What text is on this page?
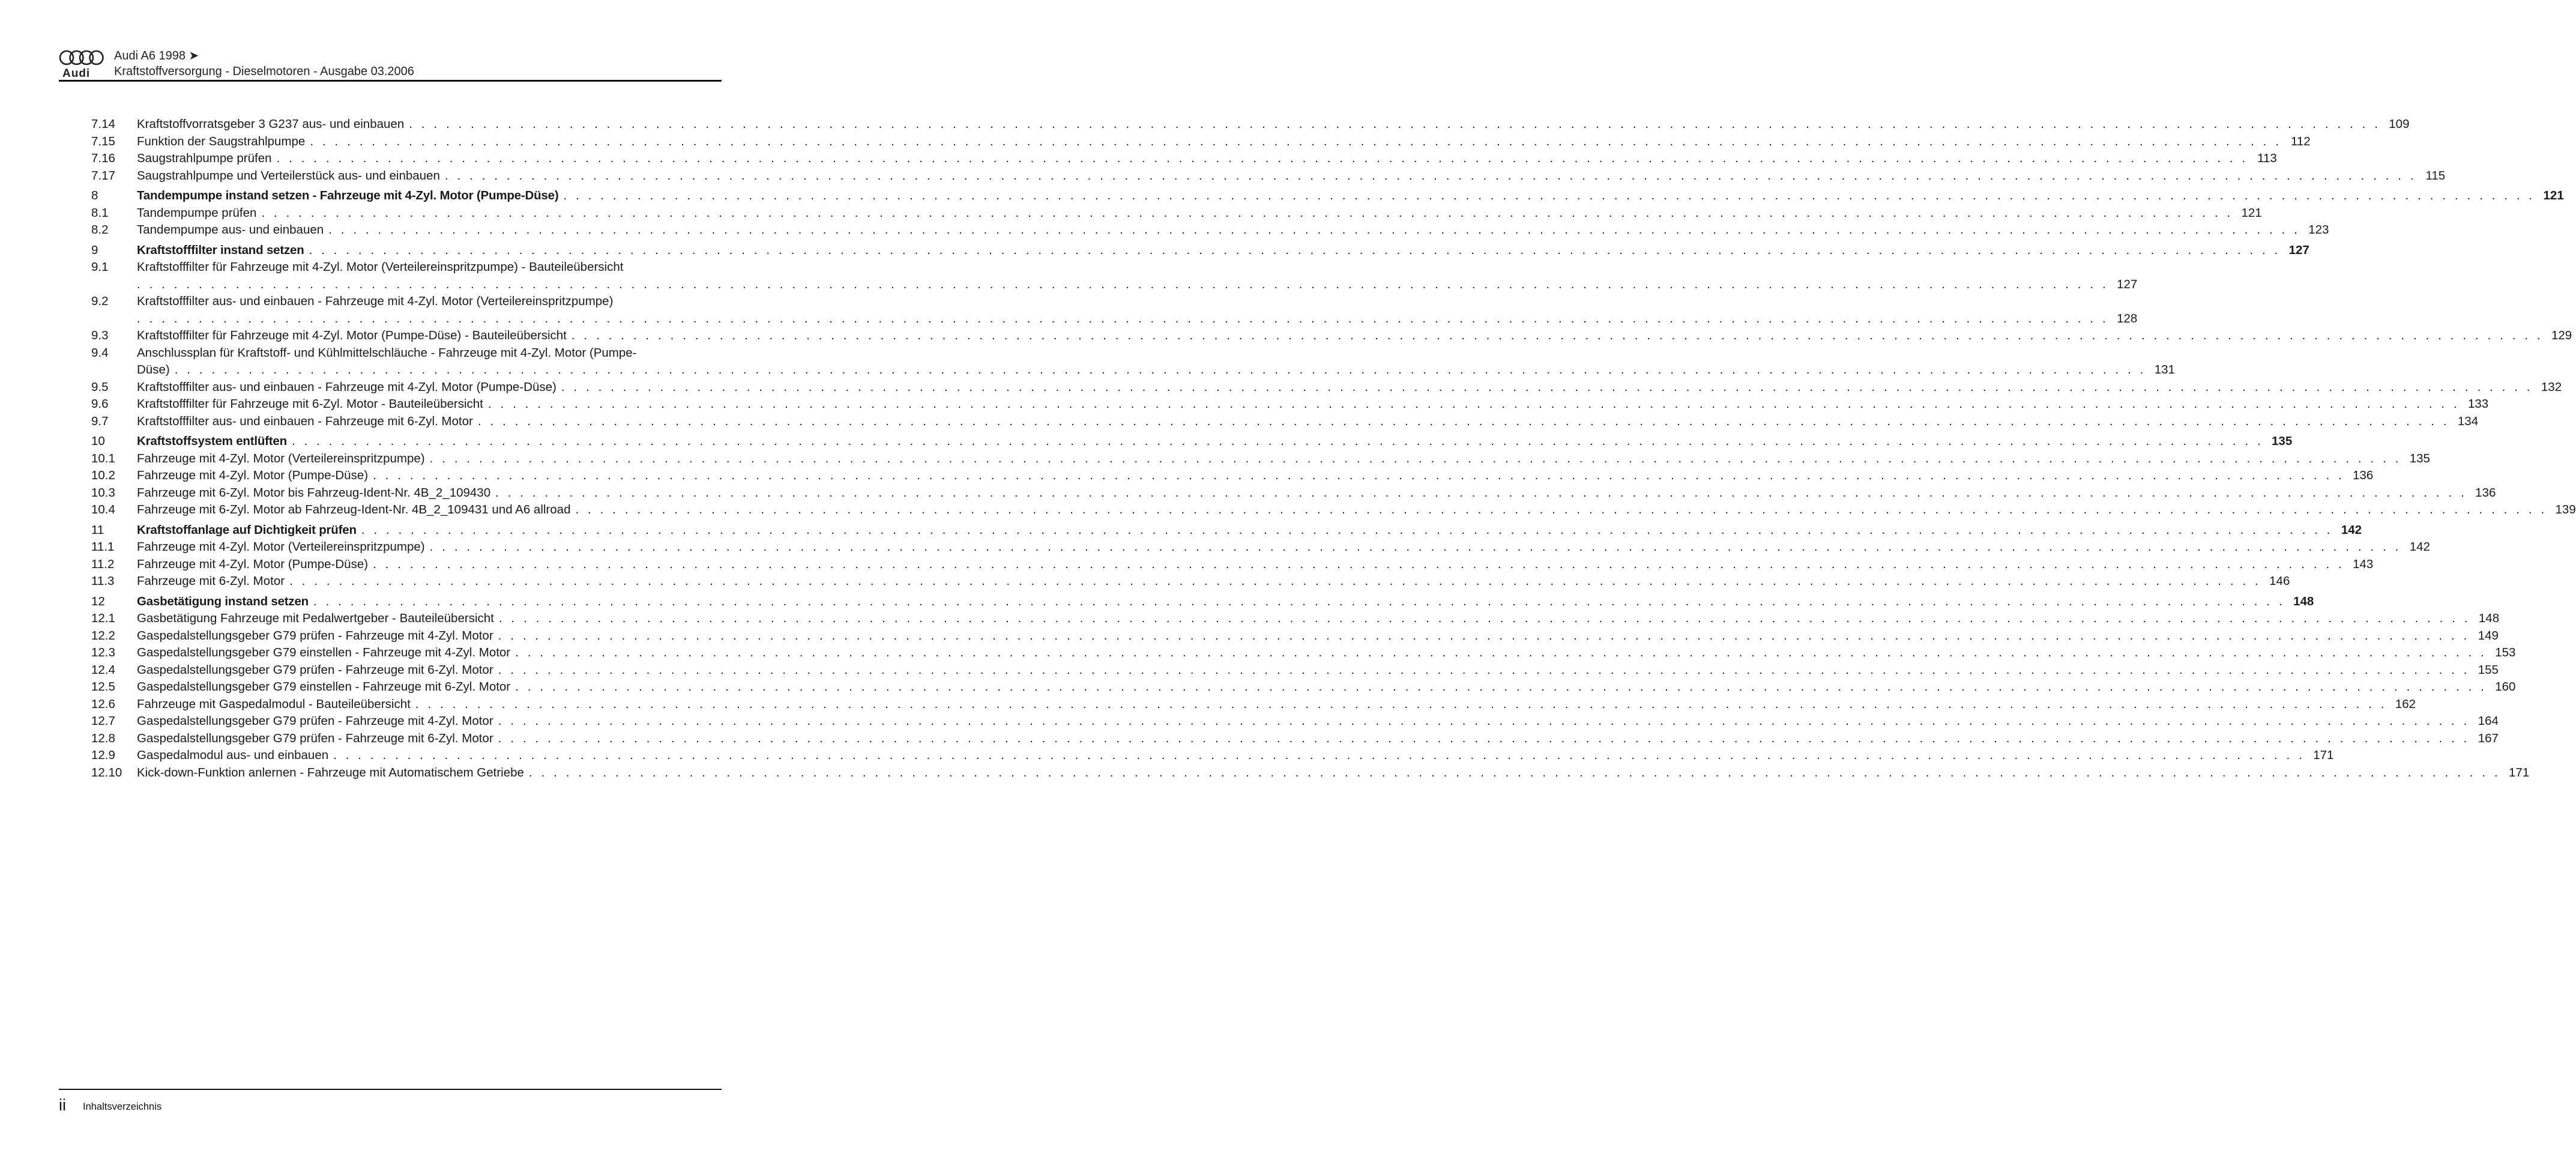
Audi
Audi A6 1998 ➤
Kraftstoffversorgung - Dieselmotoren - Ausgabe 03.2006
7.14	Kraftstoffvorratsgeber 3 G237 aus- und einbauen . . . . . . . . . . . . . . . . . . . . . . . . . . . . . . . . . . . . . . . . . . . . . . . . . . . . . . . . . . . . . . . . . . . . . . . . . . . . . . . . . . . . . . . . . . . . . . . . . . . . . . . . . . . . . . . . . . . . . . . . . . . . . . . . . . . . . . . . . . . . . . . . . . . . . . . . . . . . . . . . 109
7.15	Funktion der Saugstrahlpumpe . . . . . . . . . . . . . . . . . . . . . . . . . . . . . . . . . . . . . . . . . . . . . . . . . . . . . . . . . . . . . . . . . . . . . . . . . . . . . . . . . . . . . . . . . . . . . . . . . . . . . . . . . . . . . . . . . . . . . . . . . . . . . . . . . . . . . . . . . . . . . . . . . . . . . . . . . . . . . . . . 112
7.16	Saugstrahlpumpe prüfen . . . . . . . . . . . . . . . . . . . . . . . . . . . . . . . . . . . . . . . . . . . . . . . . . . . . . . . . . . . . . . . . . . . . . . . . . . . . . . . . . . . . . . . . . . . . . . . . . . . . . . . . . . . . . . . . . . . . . . . . . . . . . . . . . . . . . . . . . . . . . . . . . . . . . . . . . . . . . . . . 113
7.17	Saugstrahlpumpe und Verteilerstück aus- und einbauen . . . . . . . . . . . . . . . . . . . . . . . . . . . . . . . . . . . . . . . . . . . . . . . . . . . . . . . . . . . . . . . . . . . . . . . . . . . . . . . . . . . . . . . . . . . . . . . . . . . . . . . . . . . . . . . . . . . . . . . . . . . . . . . . . . . . . . . . . . . . . . . . . . . . . . . . . . . . . . . . 115
8	Tandempumpe instand setzen - Fahrzeuge mit 4-Zyl. Motor (Pumpe-Düse) . . . . . . . . . . . . . . . . . . . . . . . . . . . . . . . . . . . . . . . . . . . . . . . . . . . . . . . . . . . . . . . . . . . . . . . . . . . . . . . . . . . . . . . . . . . . . . . . . . . . . . . . . . . . . . . . . . . . . . . . . . . . . . . . . . . . . . . . . . . . . . . . . . . . . . . . . . . . . . . . 121
8.1	Tandempumpe prüfen . . . . . . . . . . . . . . . . . . . . . . . . . . . . . . . . . . . . . . . . . . . . . . . . . . . . . . . . . . . . . . . . . . . . . . . . . . . . . . . . . . . . . . . . . . . . . . . . . . . . . . . . . . . . . . . . . . . . . . . . . . . . . . . . . . . . . . . . . . . . . . . . . . . . . . . . . . . . . . . . 121
8.2	Tandempumpe aus- und einbauen . . . . . . . . . . . . . . . . . . . . . . . . . . . . . . . . . . . . . . . . . . . . . . . . . . . . . . . . . . . . . . . . . . . . . . . . . . . . . . . . . . . . . . . . . . . . . . . . . . . . . . . . . . . . . . . . . . . . . . . . . . . . . . . . . . . . . . . . . . . . . . . . . . . . . . . . . . . . . . . . 123
9	Kraftstofffilter instand setzen . . . . . . . . . . . . . . . . . . . . . . . . . . . . . . . . . . . . . . . . . . . . . . . . . . . . . . . . . . . . . . . . . . . . . . . . . . . . . . . . . . . . . . . . . . . . . . . . . . . . . . . . . . . . . . . . . . . . . . . . . . . . . . . . . . . . . . . . . . . . . . . . . . . . . . . . . . . . . . . . 127
9.1	Kraftstofffilter für Fahrzeuge mit 4-Zyl. Motor (Verteilereinspritzpumpe) - Bauteileübersicht
. . . . . . . . . . . . . . . . . . . . . . . . . . . . . . . . . . . . . . . . . . . . . . . . . . . . . . . . . . . . . . . . . . . . . . . . . . . . . . . . . . . . . . . . . . . . . . . . . . . . . . . . . . . . . . . . . . . . . . . . . . . . . . . . . . . . . . . . . . . . . . . . . . . . . . . . . . . . . . . . 127
9.2	Kraftstofffilter aus- und einbauen - Fahrzeuge mit 4-Zyl. Motor (Verteilereinspritzpumpe)
. . . . . . . . . . . . . . . . . . . . . . . . . . . . . . . . . . . . . . . . . . . . . . . . . . . . . . . . . . . . . . . . . . . . . . . . . . . . . . . . . . . . . . . . . . . . . . . . . . . . . . . . . . . . . . . . . . . . . . . . . . . . . . . . . . . . . . . . . . . . . . . . . . . . . . . . . . . . . . . . 128
9.3	Kraftstofffilter für Fahrzeuge mit 4-Zyl. Motor (Pumpe-Düse) - Bauteileübersicht . . . . . . . . . . . . . . . . . . . . . . . . . . . . . . . . . . . . . . . . . . . . . . . . . . . . . . . . . . . . . . . . . . . . . . . . . . . . . . . . . . . . . . . . . . . . . . . . . . . . . . . . . . . . . . . . . . . . . . . . . . . . . . . . . . . . . . . . . . . . . . . . . . . . . . . . . . . . . . . . 129
9.4	Anschlussplan für Kraftstoff- und Kühlmittelschläuche - Fahrzeuge mit 4-Zyl. Motor (Pumpe-
Düse) . . . . . . . . . . . . . . . . . . . . . . . . . . . . . . . . . . . . . . . . . . . . . . . . . . . . . . . . . . . . . . . . . . . . . . . . . . . . . . . . . . . . . . . . . . . . . . . . . . . . . . . . . . . . . . . . . . . . . . . . . . . . . . . . . . . . . . . . . . . . . . . . . . . . . . . . . . . . . . . . 131
9.5	Kraftstofffilter aus- und einbauen - Fahrzeuge mit 4-Zyl. Motor (Pumpe-Düse) . . . . . . . . . . . . . . . . . . . . . . . . . . . . . . . . . . . . . . . . . . . . . . . . . . . . . . . . . . . . . . . . . . . . . . . . . . . . . . . . . . . . . . . . . . . . . . . . . . . . . . . . . . . . . . . . . . . . . . . . . . . . . . . . . . . . . . . . . . . . . . . . . . . . . . . . . . . . . . . . 132
9.6	Kraftstofffilter für Fahrzeuge mit 6-Zyl. Motor - Bauteileübersicht . . . . . . . . . . . . . . . . . . . . . . . . . . . . . . . . . . . . . . . . . . . . . . . . . . . . . . . . . . . . . . . . . . . . . . . . . . . . . . . . . . . . . . . . . . . . . . . . . . . . . . . . . . . . . . . . . . . . . . . . . . . . . . . . . . . . . . . . . . . . . . . . . . . . . . . . . . . . . . . . 133
9.7	Kraftstofffilter aus- und einbauen - Fahrzeuge mit 6-Zyl. Motor . . . . . . . . . . . . . . . . . . . . . . . . . . . . . . . . . . . . . . . . . . . . . . . . . . . . . . . . . . . . . . . . . . . . . . . . . . . . . . . . . . . . . . . . . . . . . . . . . . . . . . . . . . . . . . . . . . . . . . . . . . . . . . . . . . . . . . . . . . . . . . . . . . . . . . . . . . . . . . . . 134
10	Kraftstoffsystem entlüften . . . . . . . . . . . . . . . . . . . . . . . . . . . . . . . . . . . . . . . . . . . . . . . . . . . . . . . . . . . . . . . . . . . . . . . . . . . . . . . . . . . . . . . . . . . . . . . . . . . . . . . . . . . . . . . . . . . . . . . . . . . . . . . . . . . . . . . . . . . . . . . . . . . . . . . . . . . . . . . . 135
10.1	Fahrzeuge mit 4-Zyl. Motor (Verteilereinspritzpumpe) . . . . . . . . . . . . . . . . . . . . . . . . . . . . . . . . . . . . . . . . . . . . . . . . . . . . . . . . . . . . . . . . . . . . . . . . . . . . . . . . . . . . . . . . . . . . . . . . . . . . . . . . . . . . . . . . . . . . . . . . . . . . . . . . . . . . . . . . . . . . . . . . . . . . . . . . . . . . . . . . 135
10.2	Fahrzeuge mit 4-Zyl. Motor (Pumpe-Düse) . . . . . . . . . . . . . . . . . . . . . . . . . . . . . . . . . . . . . . . . . . . . . . . . . . . . . . . . . . . . . . . . . . . . . . . . . . . . . . . . . . . . . . . . . . . . . . . . . . . . . . . . . . . . . . . . . . . . . . . . . . . . . . . . . . . . . . . . . . . . . . . . . . . . . . . . . . . . . . . . 136
10.3	Fahrzeuge mit 6-Zyl. Motor bis Fahrzeug-Ident-Nr. 4B_2_109430 . . . . . . . . . . . . . . . . . . . . . . . . . . . . . . . . . . . . . . . . . . . . . . . . . . . . . . . . . . . . . . . . . . . . . . . . . . . . . . . . . . . . . . . . . . . . . . . . . . . . . . . . . . . . . . . . . . . . . . . . . . . . . . . . . . . . . . . . . . . . . . . . . . . . . . . . . . . . . . . . 136
10.4	Fahrzeuge mit 6-Zyl. Motor ab Fahrzeug-Ident-Nr. 4B_2_109431 und A6 allroad . . . . . . . . . . . . . . . . . . . . . . . . . . . . . . . . . . . . . . . . . . . . . . . . . . . . . . . . . . . . . . . . . . . . . . . . . . . . . . . . . . . . . . . . . . . . . . . . . . . . . . . . . . . . . . . . . . . . . . . . . . . . . . . . . . . . . . . . . . . . . . . . . . . . . . . . . . . . . . . . 139
11	Kraftstoffanlage auf Dichtigkeit prüfen . . . . . . . . . . . . . . . . . . . . . . . . . . . . . . . . . . . . . . . . . . . . . . . . . . . . . . . . . . . . . . . . . . . . . . . . . . . . . . . . . . . . . . . . . . . . . . . . . . . . . . . . . . . . . . . . . . . . . . . . . . . . . . . . . . . . . . . . . . . . . . . . . . . . . . . . . . . . . . . . 142
11.1	Fahrzeuge mit 4-Zyl. Motor (Verteilereinspritzpumpe) . . . . . . . . . . . . . . . . . . . . . . . . . . . . . . . . . . . . . . . . . . . . . . . . . . . . . . . . . . . . . . . . . . . . . . . . . . . . . . . . . . . . . . . . . . . . . . . . . . . . . . . . . . . . . . . . . . . . . . . . . . . . . . . . . . . . . . . . . . . . . . . . . . . . . . . . . . . . . . . . 142
11.2	Fahrzeuge mit 4-Zyl. Motor (Pumpe-Düse) . . . . . . . . . . . . . . . . . . . . . . . . . . . . . . . . . . . . . . . . . . . . . . . . . . . . . . . . . . . . . . . . . . . . . . . . . . . . . . . . . . . . . . . . . . . . . . . . . . . . . . . . . . . . . . . . . . . . . . . . . . . . . . . . . . . . . . . . . . . . . . . . . . . . . . . . . . . . . . . . 143
11.3	Fahrzeuge mit 6-Zyl. Motor . . . . . . . . . . . . . . . . . . . . . . . . . . . . . . . . . . . . . . . . . . . . . . . . . . . . . . . . . . . . . . . . . . . . . . . . . . . . . . . . . . . . . . . . . . . . . . . . . . . . . . . . . . . . . . . . . . . . . . . . . . . . . . . . . . . . . . . . . . . . . . . . . . . . . . . . . . . . . . . . 146
12	Gasbetätigung instand setzen . . . . . . . . . . . . . . . . . . . . . . . . . . . . . . . . . . . . . . . . . . . . . . . . . . . . . . . . . . . . . . . . . . . . . . . . . . . . . . . . . . . . . . . . . . . . . . . . . . . . . . . . . . . . . . . . . . . . . . . . . . . . . . . . . . . . . . . . . . . . . . . . . . . . . . . . . . . . . . . . 148
12.1	Gasbetätigung Fahrzeuge mit Pedalwertgeber - Bauteileübersicht . . . . . . . . . . . . . . . . . . . . . . . . . . . . . . . . . . . . . . . . . . . . . . . . . . . . . . . . . . . . . . . . . . . . . . . . . . . . . . . . . . . . . . . . . . . . . . . . . . . . . . . . . . . . . . . . . . . . . . . . . . . . . . . . . . . . . . . . . . . . . . . . . . . . . . . . . . . . . . . . 148
12.2	Gaspedalstellungsgeber G79 prüfen - Fahrzeuge mit 4-Zyl. Motor . . . . . . . . . . . . . . . . . . . . . . . . . . . . . . . . . . . . . . . . . . . . . . . . . . . . . . . . . . . . . . . . . . . . . . . . . . . . . . . . . . . . . . . . . . . . . . . . . . . . . . . . . . . . . . . . . . . . . . . . . . . . . . . . . . . . . . . . . . . . . . . . . . . . . . . . . . . . . . . . 149
12.3	Gaspedalstellungsgeber G79 einstellen - Fahrzeuge mit 4-Zyl. Motor . . . . . . . . . . . . . . . . . . . . . . . . . . . . . . . . . . . . . . . . . . . . . . . . . . . . . . . . . . . . . . . . . . . . . . . . . . . . . . . . . . . . . . . . . . . . . . . . . . . . . . . . . . . . . . . . . . . . . . . . . . . . . . . . . . . . . . . . . . . . . . . . . . . . . . . . . . . . . . . . 153
12.4	Gaspedalstellungsgeber G79 prüfen - Fahrzeuge mit 6-Zyl. Motor . . . . . . . . . . . . . . . . . . . . . . . . . . . . . . . . . . . . . . . . . . . . . . . . . . . . . . . . . . . . . . . . . . . . . . . . . . . . . . . . . . . . . . . . . . . . . . . . . . . . . . . . . . . . . . . . . . . . . . . . . . . . . . . . . . . . . . . . . . . . . . . . . . . . . . . . . . . . . . . . 155
12.5	Gaspedalstellungsgeber G79 einstellen - Fahrzeuge mit 6-Zyl. Motor . . . . . . . . . . . . . . . . . . . . . . . . . . . . . . . . . . . . . . . . . . . . . . . . . . . . . . . . . . . . . . . . . . . . . . . . . . . . . . . . . . . . . . . . . . . . . . . . . . . . . . . . . . . . . . . . . . . . . . . . . . . . . . . . . . . . . . . . . . . . . . . . . . . . . . . . . . . . . . . . 160
12.6	Fahrzeuge mit Gaspedalmodul - Bauteileübersicht . . . . . . . . . . . . . . . . . . . . . . . . . . . . . . . . . . . . . . . . . . . . . . . . . . . . . . . . . . . . . . . . . . . . . . . . . . . . . . . . . . . . . . . . . . . . . . . . . . . . . . . . . . . . . . . . . . . . . . . . . . . . . . . . . . . . . . . . . . . . . . . . . . . . . . . . . . . . . . . . 162
12.7	Gaspedalstellungsgeber G79 prüfen - Fahrzeuge mit 4-Zyl. Motor . . . . . . . . . . . . . . . . . . . . . . . . . . . . . . . . . . . . . . . . . . . . . . . . . . . . . . . . . . . . . . . . . . . . . . . . . . . . . . . . . . . . . . . . . . . . . . . . . . . . . . . . . . . . . . . . . . . . . . . . . . . . . . . . . . . . . . . . . . . . . . . . . . . . . . . . . . . . . . . . 164
12.8	Gaspedalstellungsgeber G79 prüfen - Fahrzeuge mit 6-Zyl. Motor . . . . . . . . . . . . . . . . . . . . . . . . . . . . . . . . . . . . . . . . . . . . . . . . . . . . . . . . . . . . . . . . . . . . . . . . . . . . . . . . . . . . . . . . . . . . . . . . . . . . . . . . . . . . . . . . . . . . . . . . . . . . . . . . . . . . . . . . . . . . . . . . . . . . . . . . . . . . . . . . 167
12.9	Gaspedalmodul aus- und einbauen . . . . . . . . . . . . . . . . . . . . . . . . . . . . . . . . . . . . . . . . . . . . . . . . . . . . . . . . . . . . . . . . . . . . . . . . . . . . . . . . . . . . . . . . . . . . . . . . . . . . . . . . . . . . . . . . . . . . . . . . . . . . . . . . . . . . . . . . . . . . . . . . . . . . . . . . . . . . . . . . 171
12.10	Kick-down-Funktion anlernen - Fahrzeuge mit Automatischem Getriebe . . . . . . . . . . . . . . . . . . . . . . . . . . . . . . . . . . . . . . . . . . . . . . . . . . . . . . . . . . . . . . . . . . . . . . . . . . . . . . . . . . . . . . . . . . . . . . . . . . . . . . . . . . . . . . . . . . . . . . . . . . . . . . . . . . . . . . . . . . . . . . . . . . . . . . . . . . . . . . . . 171
ii Inhaltsverzeichnis
